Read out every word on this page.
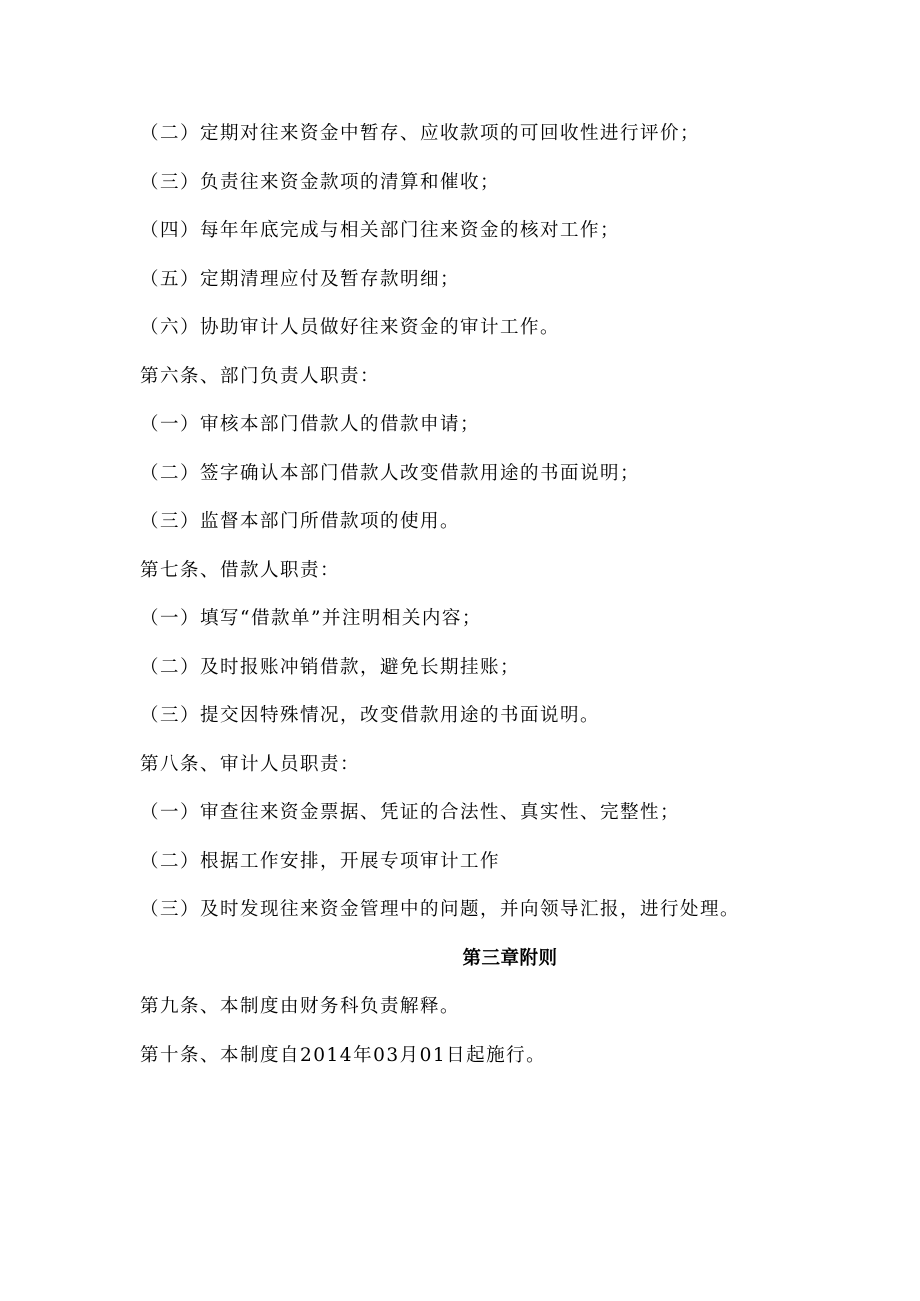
（二）定期对往来资金中暂存、应收款项的可回收性进行评价；
（三）负责往来资金款项的清算和催收；
（四）每年年底完成与相关部门往来资金的核对工作；
（五）定期清理应付及暂存款明细；
（六）协助审计人员做好往来资金的审计工作。
第六条、部门负责人职责：
（一）审核本部门借款人的借款申请；
（二）签字确认本部门借款人改变借款用途的书面说明；
（三）监督本部门所借款项的使用。
第七条、借款人职责：
（一）填写“借款单”并注明相关内容；
（二）及时报账冲销借款，避免长期挂账；
（三）提交因特殊情况，改变借款用途的书面说明。
第八条、审计人员职责：
（一）审查往来资金票据、凭证的合法性、真实性、完整性；
（二）根据工作安排，开展专项审计工作
（三）及时发现往来资金管理中的问题，并向领导汇报，进行处理。
第三章附则
第九条、本制度由财务科负责解释。
第十条、本制度自2014年03月01日起施行。
